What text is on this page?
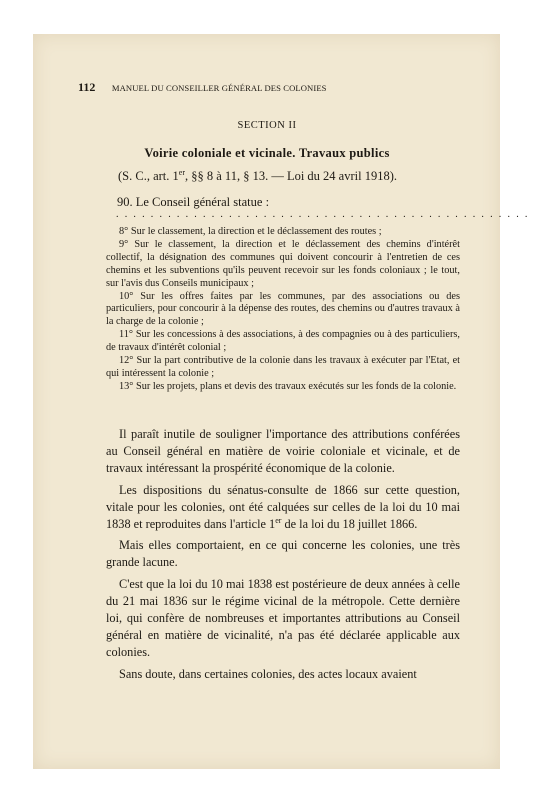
112 MANUEL DU CONSEILLER GÉNÉRAL DES COLONIES
SECTION II
Voirie coloniale et vicinale. Travaux publics
(S. C., art. 1er, §§ 8 à 11, § 13. — Loi du 24 avril 1918).
90. Le Conseil général statue :
................................................

8° Sur le classement, la direction et le déclassement des routes ;

9° Sur le classement, la direction et le déclassement des chemins d'intérêt collectif, la désignation des communes qui doivent concourir à l'entretien de ces chemins et les subventions qu'ils peuvent recevoir sur les fonds coloniaux ; le tout, sur l'avis dus Conseils municipaux ;

10° Sur les offres faites par les communes, par des associations ou des particuliers, pour concourir à la dépense des routes, des chemins ou d'autres travaux à la charge de la colonie ;

11° Sur les concessions à des associations, à des compagnies ou à des particuliers, de travaux d'intérêt colonial ;

12° Sur la part contributive de la colonie dans les travaux à exécuter par l'Etat, et qui intéressent la colonie ;

13° Sur les projets, plans et devis des travaux exécutés sur les fonds de la colonie.

Il paraît inutile de souligner l'importance des attributions conférées au Conseil général en matière de voirie coloniale et vicinale, et de travaux intéressant la prospérité économique de la colonie.

Les dispositions du sénatus-consulte de 1866 sur cette question, vitale pour les colonies, ont été calquées sur celles de la loi du 10 mai 1838 et reproduites dans l'article 1er de la loi du 18 juillet 1866.

Mais elles comportaient, en ce qui concerne les colonies, une très grande lacune.

C'est que la loi du 10 mai 1838 est postérieure de deux années à celle du 21 mai 1836 sur le régime vicinal de la métropole. Cette dernière loi, qui confère de nombreuses et importantes attributions au Conseil général en matière de vicinalité, n'a pas été déclarée applicable aux colonies.

Sans doute, dans certaines colonies, des actes locaux avaient
